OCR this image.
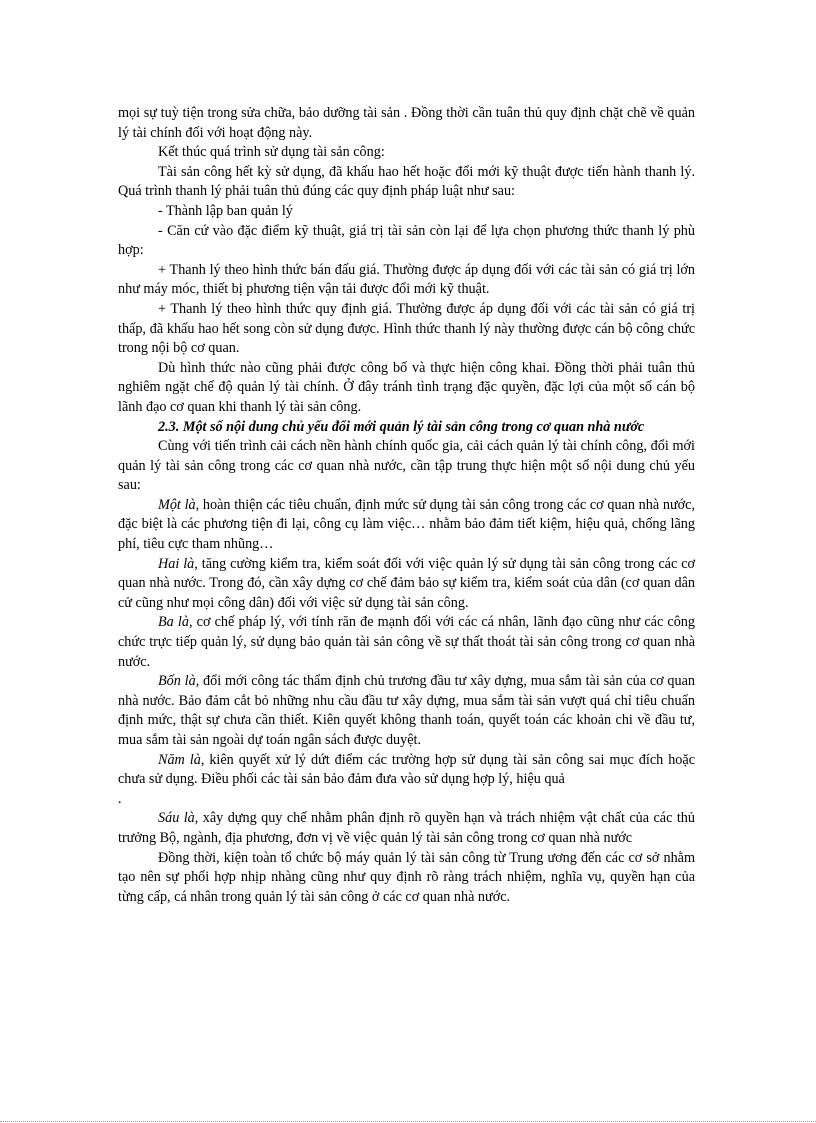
mọi sự tuỳ tiện trong sửa chữa, bảo dưỡng tài sản . Đồng thời cần tuân thủ quy định chặt chẽ về quản lý tài chính đối với hoạt động này.

Kết thúc quá trình sử dụng tài sản công:

Tài sản công hết kỳ sử dụng, đã khấu hao hết hoặc đổi mới kỹ thuật được tiến hành thanh lý. Quá trình thanh lý phải tuân thủ đúng các quy định pháp luật như sau:

- Thành lập ban quản lý

- Căn cứ vào đặc điểm kỹ thuật, giá trị tài sản còn lại để lựa chọn phương thức thanh lý phù hợp:

+ Thanh lý theo hình thức bán đấu giá. Thường được áp dụng đối với các tài sản có giá trị lớn như máy móc, thiết bị phương tiện vận tải được đổi mới kỹ thuật.

+ Thanh lý theo hình thức quy định giá. Thường được áp dụng đối với các tài sản có giá trị thấp, đã khấu hao hết song còn sử dụng được. Hình thức thanh lý này thường được cán bộ công chức trong nội bộ cơ quan.

Dù hình thức nào cũng phải được công bố và thực hiện công khai. Đồng thời phải tuân thủ nghiêm ngặt chế độ quản lý tài chính. Ở đây tránh tình trạng đặc quyền, đặc lợi của một số cán bộ lãnh đạo cơ quan khi thanh lý tài sản công.

2.3. Một số nội dung chủ yếu đổi mới quản lý tài sản công trong cơ quan nhà nước

Cùng với tiến trình cải cách nền hành chính quốc gia, cải cách quản lý tài chính công, đổi mới quản lý tài sản công trong các cơ quan nhà nước, cần tập trung thực hiện một số nội dung chủ yếu sau:

Một là, hoàn thiện các tiêu chuẩn, định mức sử dụng tài sản công trong các cơ quan nhà nước, đặc biệt là các phương tiện đi lại, công cụ làm việc… nhằm bảo đảm tiết kiệm, hiệu quả, chống lãng phí, tiêu cực tham nhũng…

Hai là, tăng cường kiểm tra, kiểm soát đối với việc quản lý sử dụng tài sản công trong các cơ quan nhà nước. Trong đó, cần xây dựng cơ chế đảm bảo sự kiểm tra, kiểm soát của dân (cơ quan dân cử cũng như mọi công dân) đối với việc sử dụng tài sản công.

Ba là, cơ chế pháp lý, với tính răn đe mạnh đối với các cá nhân, lãnh đạo cũng như các công chức trực tiếp quản lý, sử dụng bảo quản tài sản công về sự thất thoát tài sản công trong cơ quan nhà nước.

Bốn là, đổi mới công tác thẩm định chủ trương đầu tư xây dựng, mua sắm tài sản của cơ quan nhà nước. Bảo đảm cắt bỏ những nhu cầu đầu tư xây dựng, mua sắm tài sản vượt quá chỉ tiêu chuẩn định mức, thật sự chưa cần thiết. Kiên quyết không thanh toán, quyết toán các khoản chi về đầu tư, mua sắm tài sản ngoài dự toán ngân sách được duyệt.

Năm là, kiên quyết xử lý dứt điểm các trường hợp sử dụng tài sản công sai mục đích hoặc chưa sử dụng. Điều phối các tài sản bảo đảm đưa vào sử dụng hợp lý, hiệu quả

.

Sáu là, xây dựng quy chế nhằm phân định rõ quyền hạn và trách nhiệm vật chất của các thủ trưởng Bộ, ngành, địa phương, đơn vị về việc quản lý tài sản công trong cơ quan nhà nước

Đồng thời, kiện toàn tổ chức bộ máy quản lý tài sản công từ Trung ương đến các cơ sở nhằm tạo nên sự phối hợp nhịp nhàng cũng như quy định rõ ràng trách nhiệm, nghĩa vụ, quyền hạn của từng cấp, cá nhân trong quản lý tài sản công ở các cơ quan nhà nước.
